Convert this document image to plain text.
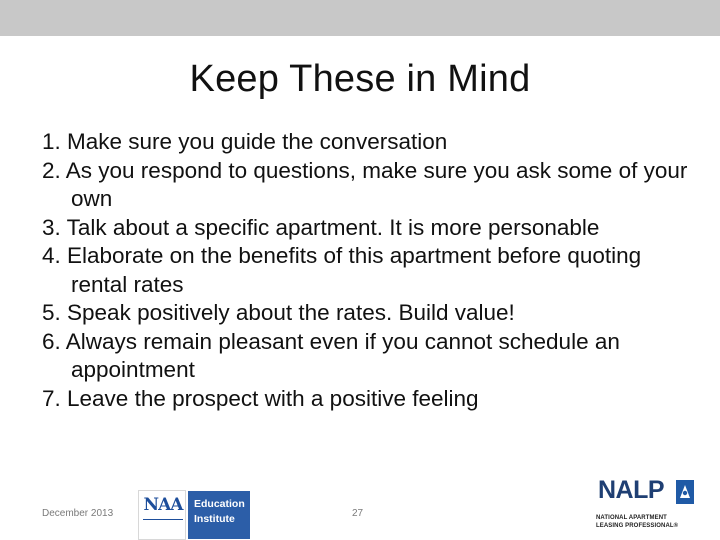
Keep These in Mind
1. Make sure you guide the conversation
2. As you respond to questions, make sure you ask some of your own
3. Talk about a specific apartment. It is more personable
4. Elaborate on the benefits of this apartment before quoting rental rates
5. Speak positively about the rates. Build value!
6. Always remain pleasant even if you cannot schedule an appointment
7. Leave the prospect with a positive feeling
December 2013 NAA Education
Institute	27
NALP
NATIONAL APARTMENT
LEASING PROFESSIONAL®
